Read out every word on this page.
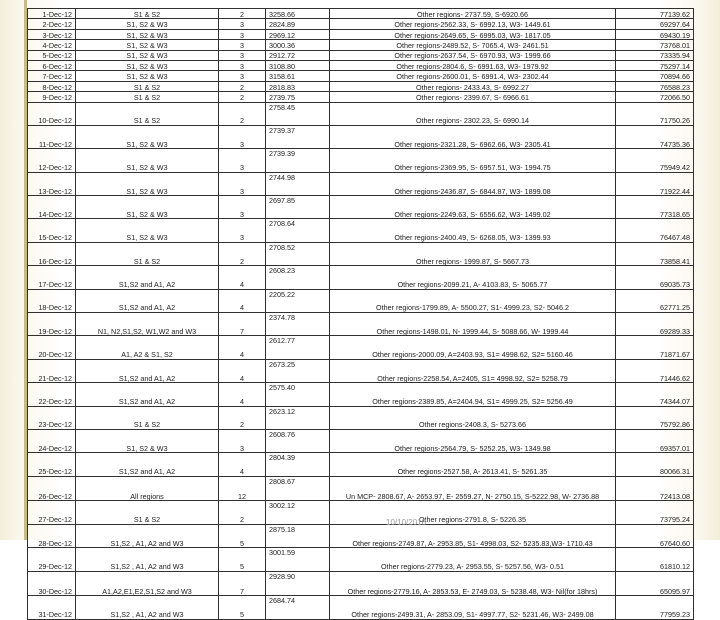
1-Dec-12	S1 & S2	2	3258.66	Other regions- 2737.59, S-6920.66	77139.62
2-Dec-12	S1, S2 & W3	3	2824.89	Other regions-2562.33, S- 6992.13, W3- 1449.61	69297.64
3-Dec-12	S1, S2 & W3	3	2969.12	Other regions-2649.65, S- 6995.03, W3- 1817.05	69430.19
4-Dec-12	S1, S2 & W3	3	3000.36	Other regions-2489.52, S- 7065.4, W3- 2461.51	73768.01
5-Dec-12	S1, S2 & W3	3	2912.72	Other regions-2637.54, S- 6970.93, W3- 1999.66	73335.94
6-Dec-12	S1, S2 & W3	3	3108.80	Other regions-2804.6, S- 6991.63, W3- 1979.92	75297.14
7-Dec-12	S1, S2 & W3	3	3158.61	Other regions-2600.01, S- 6991.4, W3- 2302.44	70894.66
8-Dec-12	S1 & S2	2	2818.83	Other regions- 2433.43, S- 6992.27	76588.23
9-Dec-12	S1 & S2	2	2739.75	Other regions- 2399.67, S- 6966.61	72066.50
10-Dec-12	S1 & S2	2	2758.45	Other regions- 2302.23, S- 6990.14	71750.26
11-Dec-12	S1, S2 & W3	3	2739.37	Other regions-2321.28, S- 6962.66, W3- 2305.41	74735.36
12-Dec-12	S1, S2 & W3	3	2739.39	Other regions-2369.95, S- 6957.51, W3- 1994.75	75949.42
13-Dec-12	S1, S2 & W3	3	2744.98	Other regions-2436.87, S- 6844.87, W3- 1899.08	71922.44
14-Dec-12	S1, S2 & W3	3	2697.85	Other regions-2249.63, S- 6556.62, W3- 1499.02	77318.65
15-Dec-12	S1, S2 & W3	3	2708.64	Other regions-2400.49, S- 6268.05, W3- 1399.93	76467.48
16-Dec-12	S1 & S2	2	2708.52	Other regions- 1999.87, S- 5667.73	73858.41
17-Dec-12	S1,S2 and A1, A2	4	2608.23	Other regions-2099.21, A- 4103.83, S- 5065.77	69035.73
18-Dec-12	S1,S2 and A1, A2	4	2205.22	Other regions-1799.89, A- 5500.27, S1- 4999.23, S2- 5046.2	62771.25
19-Dec-12	N1, N2,S1,S2, W1,W2 and W3	7	2374.78	Other regions-1498.01, N- 1999.44, S- 5088.66, W- 1999.44	69289.33
20-Dec-12	A1, A2 & S1, S2	4	2612.77	Other regions-2000.09, A=2403.93, S1= 4998.62, S2= 5160.46	71871.67
21-Dec-12	S1,S2 and A1, A2	4	2673.25	Other regions-2258.54, A=2405, S1= 4998.92, S2= 5258.79	71446.62
22-Dec-12	S1,S2 and A1, A2	4	2575.40	Other regions-2389.85, A=2404.94, S1= 4999.25, S2= 5256.49	74344.07
23-Dec-12	S1 & S2	2	2623.12	Other regions-2408.3, S- 5273.66	75792.86
24-Dec-12	S1, S2 & W3	3	2608.76	Other regions-2564.79, S- 5252.25, W3- 1349.98	69357.01
25-Dec-12	S1,S2 and A1, A2	4	2804.39	Other regions-2527.58, A- 2613.41, S- 5261.35	80066.31
26-Dec-12	All regions	12	2808.67	Un MCP- 2808.67, A- 2653.97, E- 2559.27, N- 2750.15, S-5222.98, W- 2736.88	72413.08
27-Dec-12	S1 & S2	2	3002.12	Other regions-2791.8, S- 5226.35	73795.24
28-Dec-12	S1,S2 , A1, A2 and W3	5	2875.18	Other regions-2749.87, A- 2953.85, S1- 4998.03, S2- 5235.83,W3- 1710.43	67640.60
29-Dec-12	S1,S2 , A1, A2 and W3	5	3001.59	Other regions-2779.23, A- 2953.55, S- 5257.56, W3- 0.51	61810.12
30-Dec-12	A1,A2,E1,E2,S1,S2 and W3	7	2928.90	Other regions-2779.16, A- 2853.53, E- 2749.03, S- 5238.48, W3- Nil(for 18hrs)	65095.97
31-Dec-12	S1,S2 , A1, A2 and W3	5	2684.74	Other regions-2499.31, A- 2853.09, S1- 4997.77, S2- 5231.46, W3- 2499.08	77959.23
10/10/2018
